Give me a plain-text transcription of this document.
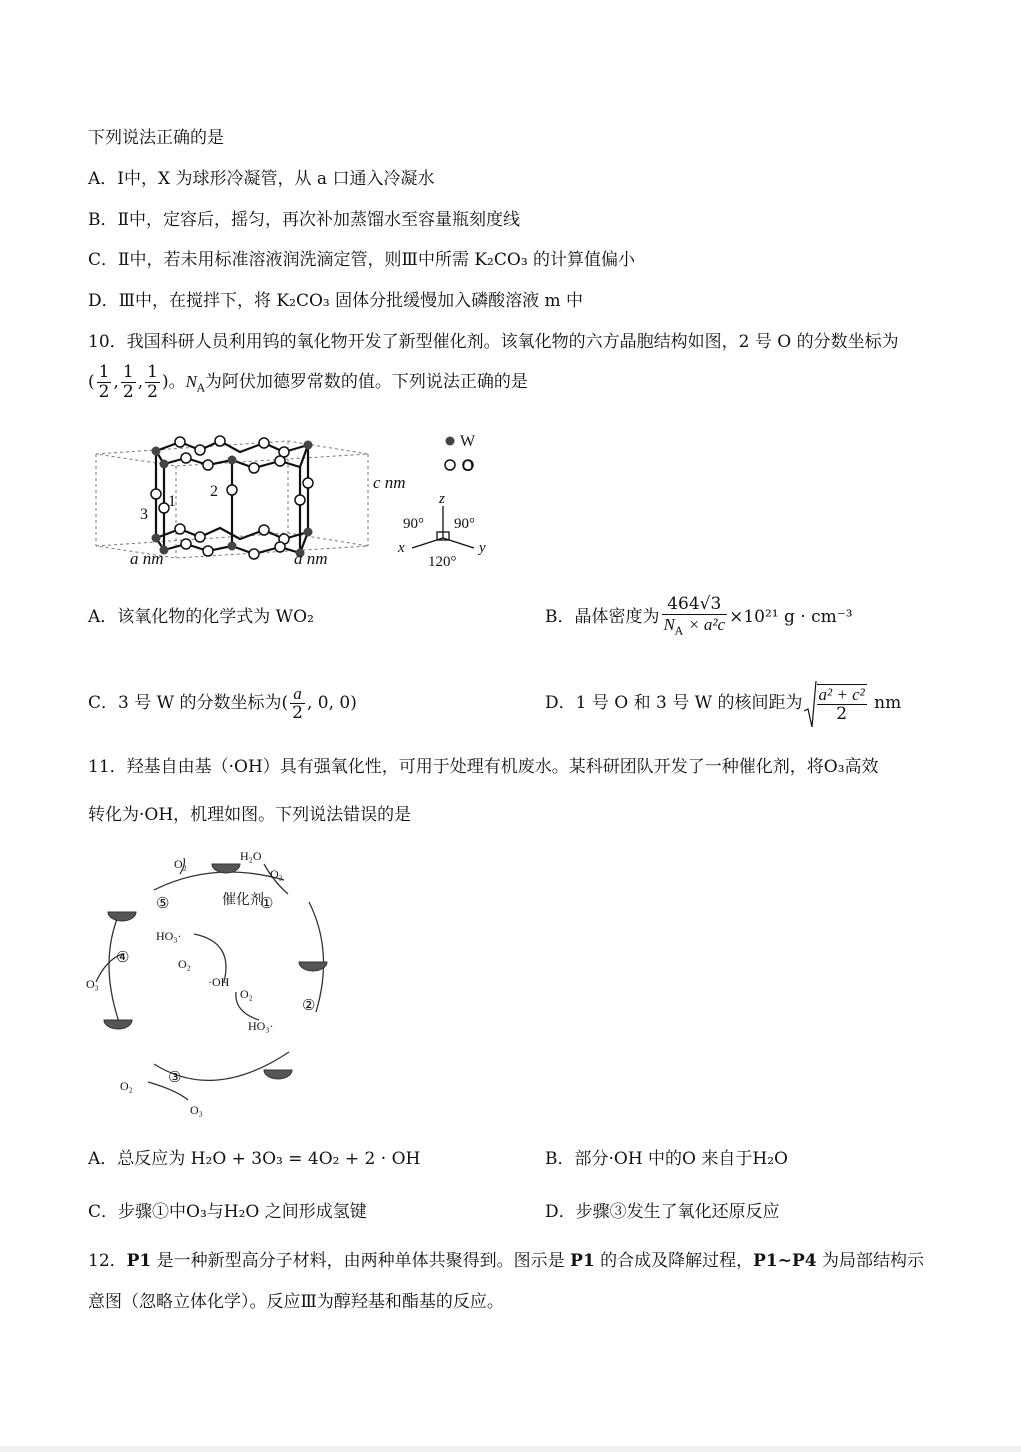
下列说法正确的是
A．Ⅰ中，X 为球形冷凝管，从 a 口通入冷凝水
B．Ⅱ中，定容后，摇匀，再次补加蒸馏水至容量瓶刻度线
C．Ⅱ中，若未用标准溶液润洗滴定管，则Ⅲ中所需 K₂CO₃ 的计算值偏小
D．Ⅲ中，在搅拌下，将 K₂CO₃ 固体分批缓慢加入磷酸溶液 m 中
10．我国科研人员利用钨的氧化物开发了新型催化剂。该氧化物的六方晶胞结构如图，2 号 O 的分数坐标为
( $\frac{1}{2}$ , $\frac{1}{2}$ , $\frac{1}{2}$ )。$N_A$为阿伏加德罗常数的值。下列说法正确的是
1
2
3
c nm
a nm	a nm
W
O
z
x	y
90° 90°
120°
A．该氧化物的化学式为 WO₂	B．晶体密度为 $\frac{464√3}{N_A \times a^2c} \times 10^{21}$ g · cm⁻³
C．3 号 W 的分数坐标为( $\frac{a}{2}$ , 0, 0)	D．1 号 O 和 3 号 W 的核间距为 $\frac{\text{a² + c²}}{2}$ nm
11．羟基自由基（·OH）具有强氧化性，可用于处理有机废水。某科研团队开发了一种催化剂，将O₃高效
转化为·OH，机理如图。下列说法错误的是
催化剂
①
②
③
④
⑤
O₂
H₂O
O₃
HO₃·
O₂
·OH
O₂
HO₃·
O₃
O₂
O₃
A．总反应为 H₂O + 3O₃ = 4O₂ + 2 · OH	B．部分·OH 中的O 来自于H₂O
C．步骤①中O₃与H₂O 之间形成氢键	D．步骤③发生了氧化还原反应
12．P1 是一种新型高分子材料，由两种单体共聚得到。图示是 P1 的合成及降解过程，P1~P4 为局部结构示
意图（忽略立体化学）。反应Ⅲ为醇羟基和酯基的反应。
